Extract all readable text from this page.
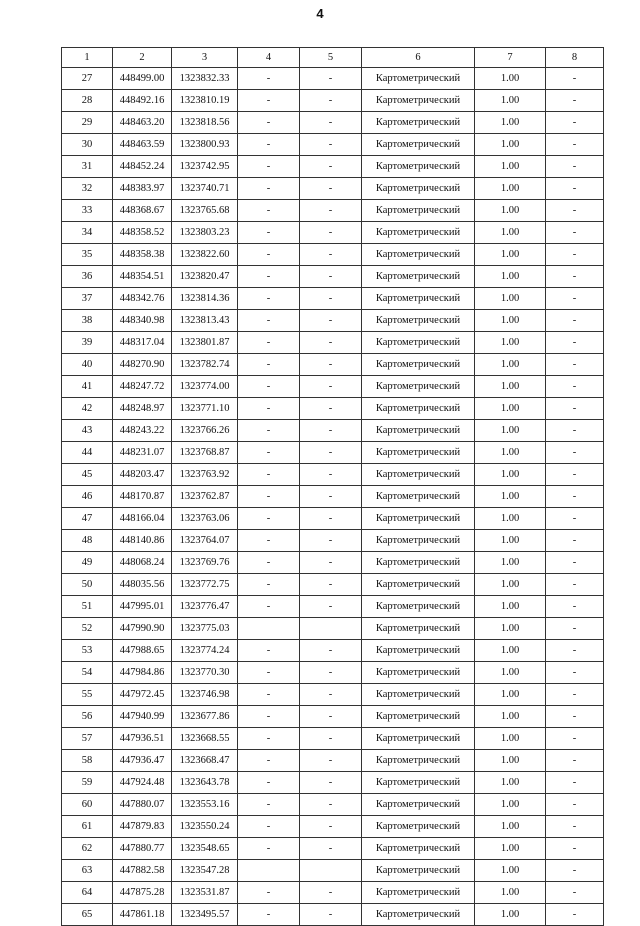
4
1	2	3	4	5	6	7	8
27	448499.00	1323832.33	-	-	Картометрический	1.00	-
28	448492.16	1323810.19	-	-	Картометрический	1.00	-
29	448463.20	1323818.56	-	-	Картометрический	1.00	-
30	448463.59	1323800.93	-	-	Картометрический	1.00	-
31	448452.24	1323742.95	-	-	Картометрический	1.00	-
32	448383.97	1323740.71	-	-	Картометрический	1.00	-
33	448368.67	1323765.68	-	-	Картометрический	1.00	-
34	448358.52	1323803.23	-	-	Картометрический	1.00	-
35	448358.38	1323822.60	-	-	Картометрический	1.00	-
36	448354.51	1323820.47	-	-	Картометрический	1.00	-
37	448342.76	1323814.36	-	-	Картометрический	1.00	-
38	448340.98	1323813.43	-	-	Картометрический	1.00	-
39	448317.04	1323801.87	-	-	Картометрический	1.00	-
40	448270.90	1323782.74	-	-	Картометрический	1.00	-
41	448247.72	1323774.00	-	-	Картометрический	1.00	-
42	448248.97	1323771.10	-	-	Картометрический	1.00	-
43	448243.22	1323766.26	-	-	Картометрический	1.00	-
44	448231.07	1323768.87	-	-	Картометрический	1.00	-
45	448203.47	1323763.92	-	-	Картометрический	1.00	-
46	448170.87	1323762.87	-	-	Картометрический	1.00	-
47	448166.04	1323763.06	-	-	Картометрический	1.00	-
48	448140.86	1323764.07	-	-	Картометрический	1.00	-
49	448068.24	1323769.76	-	-	Картометрический	1.00	-
50	448035.56	1323772.75	-	-	Картометрический	1.00	-
51	447995.01	1323776.47	-	-	Картометрический	1.00	-
52	447990.90	1323775.03			Картометрический	1.00	-
53	447988.65	1323774.24	-	-	Картометрический	1.00	-
54	447984.86	1323770.30	-	-	Картометрический	1.00	-
55	447972.45	1323746.98	-	-	Картометрический	1.00	-
56	447940.99	1323677.86	-	-	Картометрический	1.00	-
57	447936.51	1323668.55	-	-	Картометрический	1.00	-
58	447936.47	1323668.47	-	-	Картометрический	1.00	-
59	447924.48	1323643.78	-	-	Картометрический	1.00	-
60	447880.07	1323553.16	-	-	Картометрический	1.00	-
61	447879.83	1323550.24	-	-	Картометрический	1.00	-
62	447880.77	1323548.65	-	-	Картометрический	1.00	-
63	447882.58	1323547.28			Картометрический	1.00	-
64	447875.28	1323531.87	-	-	Картометрический	1.00	-
65	447861.18	1323495.57	-	-	Картометрический	1.00	-
